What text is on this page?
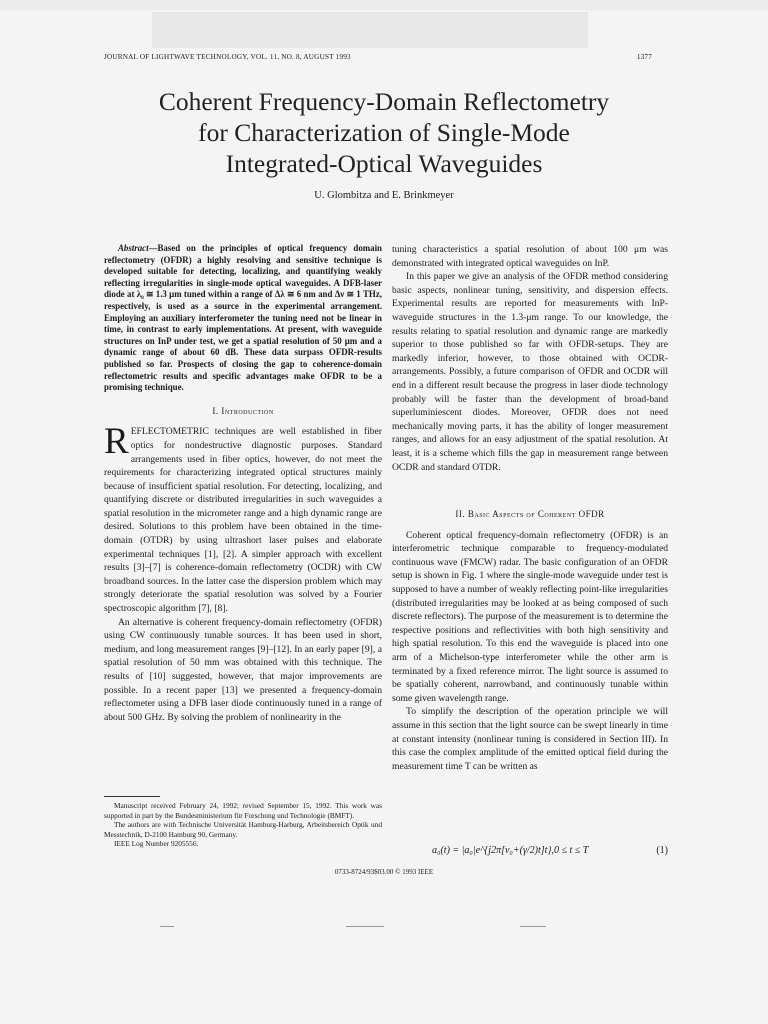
JOURNAL OF LIGHTWAVE TECHNOLOGY, VOL. 11, NO. 8, AUGUST 1993	1377
Coherent Frequency-Domain Reflectometry
for Characterization of Single-Mode
Integrated-Optical Waveguides
U. Glombitza and E. Brinkmeyer

Abstract—Based on the principles of optical frequency domain reflectometry (OFDR) a highly resolving and sensitive technique is developed suitable for detecting, localizing, and quantifying weakly reflecting irregularities in single-mode optical waveguides. A DFB-laser diode at λ₀ ≅ 1.3 μm tuned within a range of Δλ ≅ 6 nm and Δν ≅ 1 THz, respectively, is used as a source in the experimental arrangement. Employing an auxiliary interferometer the tuning need not be linear in time, in contrast to early implementations. At present, with waveguide structures on InP under test, we get a spatial resolution of 50 μm and a dynamic range of about 60 dB. These data surpass OFDR-results published so far. Prospects of closing the gap to coherence-domain reflectometric results and specific advantages make OFDR to be a promising technique.

I. Introduction

REFLECTOMETRIC techniques are well established in fiber optics for nondestructive diagnostic purposes. Standard arrangements used in fiber optics, however, do not meet the requirements for characterizing integrated optical structures mainly because of insufficient spatial resolution. For detecting, localizing, and quantifying discrete or distributed irregularities in such waveguides a spatial resolution in the micrometer range and a high dynamic range are desired. Solutions to this problem have been obtained in the time-domain (OTDR) by using ultrashort laser pulses and elaborate experimental techniques [1], [2]. A simpler approach with excellent results [3]–[7] is coherence-domain reflectometry (OCDR) with CW broadband sources. In the latter case the dispersion problem which may strongly deteriorate the spatial resolution was solved by a Fourier spectroscopic algorithm [7], [8].

An alternative is coherent frequency-domain reflectometry (OFDR) using CW continuously tunable sources. It has been used in short, medium, and long measurement ranges [9]–[12]. In an early paper [9], a spatial resolution of 50 mm was obtained with this technique. The results of [10] suggested, however, that major improvements are possible. In a recent paper [13] we presented a frequency-domain reflectometer using a DFB laser diode continuously tuned in a range of about 500 GHz. By solving the problem of nonlinearity in the

Manuscript received February 24, 1992; revised September 15, 1992. This work was supported in part by the Bundesministerium für Forschung und Technologie (BMFT).

The authors are with Technische Universität Hamburg-Harburg, Arbeitsbereich Optik und Messtechnik, D-2100 Hamburg 90, Germany.

IEEE Log Number 9205556.

tuning characteristics a spatial resolution of about 100 μm was demonstrated with integrated optical waveguides on InP.

In this paper we give an analysis of the OFDR method considering basic aspects, nonlinear tuning, sensitivity, and dispersion effects. Experimental results are reported for measurements with InP-waveguide structures in the 1.3-μm range. To our knowledge, the results relating to spatial resolution and dynamic range are markedly superior to those published so far with OFDR-setups. They are markedly inferior, however, to those obtained with OCDR-arrangements. Possibly, a future comparison of OFDR and OCDR will end in a different result because the progress in laser diode technology probably will be faster than the development of broad-band superluminiescent diodes. Moreover, OFDR does not need mechanically moving parts, it has the ability of longer measurement ranges, and allows for an easy adjustment of the spatial resolution. At least, it is a scheme which fills the gap in measurement range between OCDR and standard OTDR.

II. Basic Aspects of Coherent OFDR

Coherent optical frequency-domain reflectometry (OFDR) is an interferometric technique comparable to frequency-modulated continuous wave (FMCW) radar. The basic configuration of an OFDR setup is shown in Fig. 1 where the single-mode waveguide under test is supposed to have a number of weakly reflecting point-like irregularities (distributed irregularities may be looked at as being composed of such discrete reflectors). The purpose of the measurement is to determine the respective positions and reflectivities with both high sensitivity and high spatial resolution. To this end the waveguide is placed into one arm of a Michelson-type interferometer while the other arm is terminated by a fixed reference mirror. The light source is assumed to be spatially coherent, narrowband, and continuously tunable within some given wavelength range.

To simplify the description of the operation principle we will assume in this section that the light source can be swept linearly in time at constant intensity (nonlinear tuning is considered in Section III). In this case the complex amplitude of the emitted optical field during the measurement time T can be written as

a₀(t) = |a₀|e^{j2π[ν₀+(γ/2)t]t}, 0 ≤ t ≤ T	(1)
0733-8724/93$03.00 © 1993 IEEE
